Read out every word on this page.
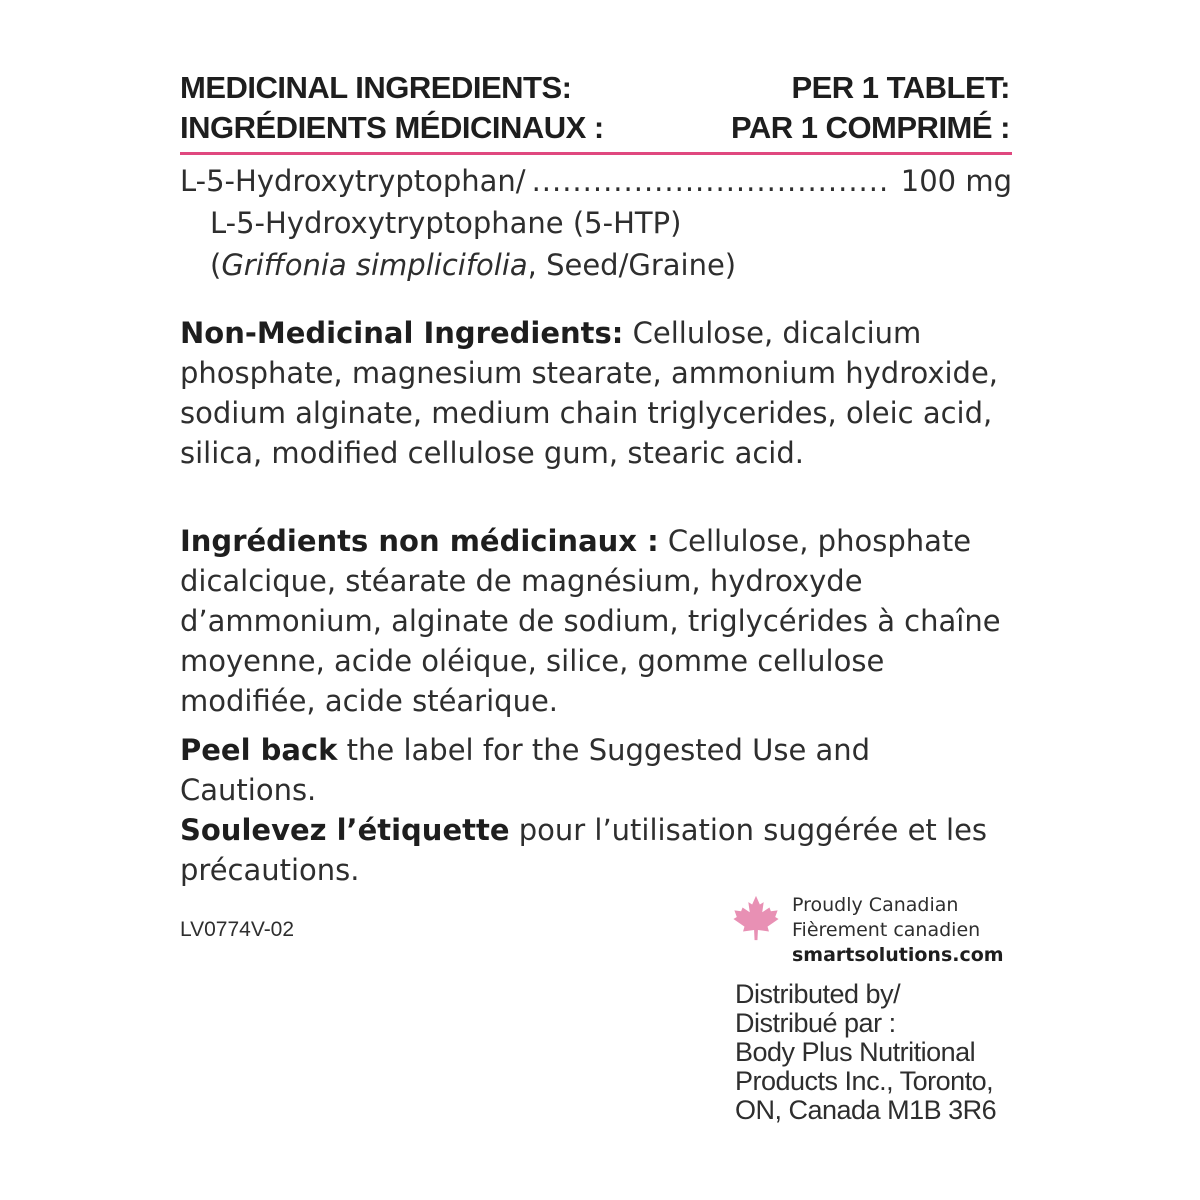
MEDICINAL INGREDIENTS:	PER 1 TABLET:
INGRÉDIENTS MÉDICINAUX :	PAR 1 COMPRIMÉ :
L-5-Hydroxytryptophan/ ................................... 100 mg
L-5-Hydroxytryptophane (5-HTP)
(Griffonia simplicifolia, Seed/Graine)
Non-Medicinal Ingredients: Cellulose, dicalcium phosphate, magnesium stearate, ammonium hydroxide, sodium alginate, medium chain triglycerides, oleic acid, silica, modified cellulose gum, stearic acid.
Ingrédients non médicinaux : Cellulose, phosphate dicalcique, stéarate de magnésium, hydroxyde d’ammonium, alginate de sodium, triglycérides à chaîne moyenne, acide oléique, silice, gomme cellulose modifiée, acide stéarique.
Peel back the label for the Suggested Use and Cautions.
Soulevez l’étiquette pour l’utilisation suggérée et les précautions.
LV0774V-02
Proudly Canadian
Fièrement canadien
smartsolutions.com
Distributed by/
Distribué par :
Body Plus Nutritional
Products Inc., Toronto,
ON, Canada M1B 3R6
